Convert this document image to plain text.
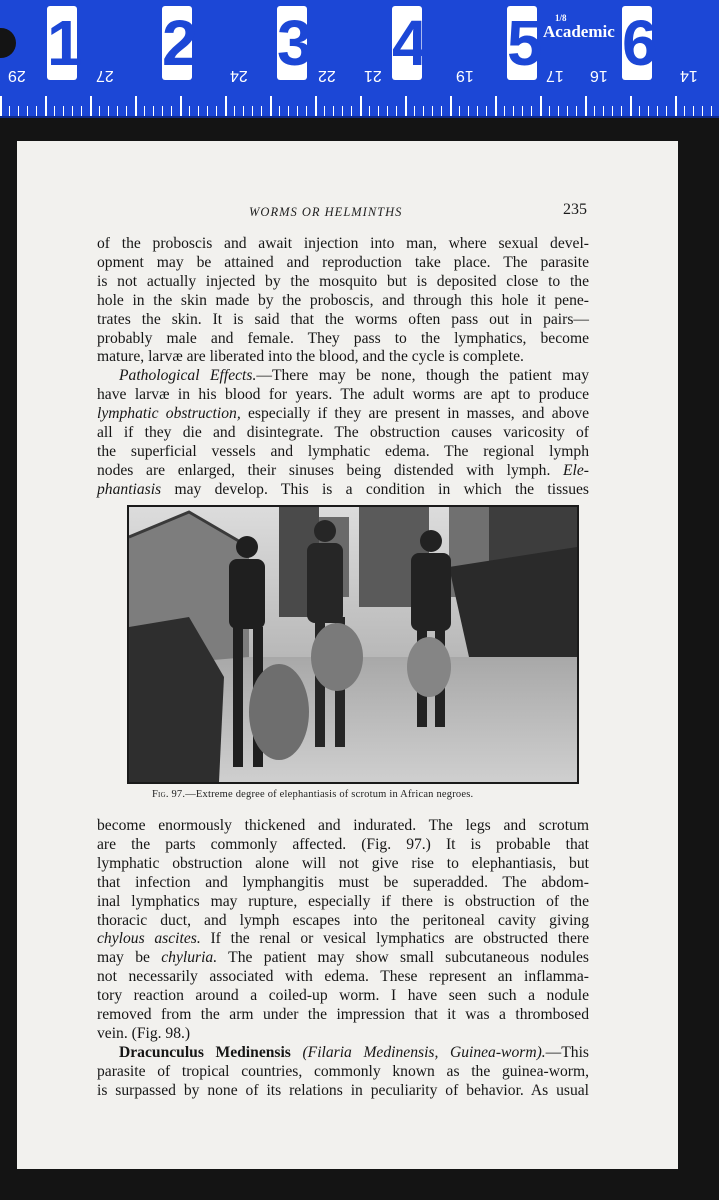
1 2 3 4 5 6
1/8
Academic
29	27	24	22 21	19	17 16	14
WORMS OR HELMINTHS	235

of the proboscis and await injection into man, where sexual devel-
opment may be attained and reproduction take place. The parasite
is not actually injected by the mosquito but is deposited close to the
hole in the skin made by the proboscis, and through this hole it pene-
trates the skin. It is said that the worms often pass out in pairs—
probably male and female. They pass to the lymphatics, become
mature, larvæ are liberated into the blood, and the cycle is complete.

Pathological Effects.—There may be none, though the patient may
have larvæ in his blood for years. The adult worms are apt to produce
lymphatic obstruction, especially if they are present in masses, and above
all if they die and disintegrate. The obstruction causes varicosity of
the superficial vessels and lymphatic edema. The regional lymph
nodes are enlarged, their sinuses being distended with lymph. Ele-
phantiasis may develop. This is a condition in which the tissues

Fig. 97.—Extreme degree of elephantiasis of scrotum in African negroes.

become enormously thickened and indurated. The legs and scrotum
are the parts commonly affected. (Fig. 97.) It is probable that
lymphatic obstruction alone will not give rise to elephantiasis, but
that infection and lymphangitis must be superadded. The abdom-
inal lymphatics may rupture, especially if there is obstruction of the
thoracic duct, and lymph escapes into the peritoneal cavity giving
chylous ascites. If the renal or vesical lymphatics are obstructed there
may be chyluria. The patient may show small subcutaneous nodules
not necessarily associated with edema. These represent an inflamma-
tory reaction around a coiled-up worm. I have seen such a nodule
removed from the arm under the impression that it was a thrombosed
vein. (Fig. 98.)

Dracunculus Medinensis (Filaria Medinensis, Guinea-worm).—This
parasite of tropical countries, commonly known as the guinea-worm,
is surpassed by none of its relations in peculiarity of behavior. As usual
